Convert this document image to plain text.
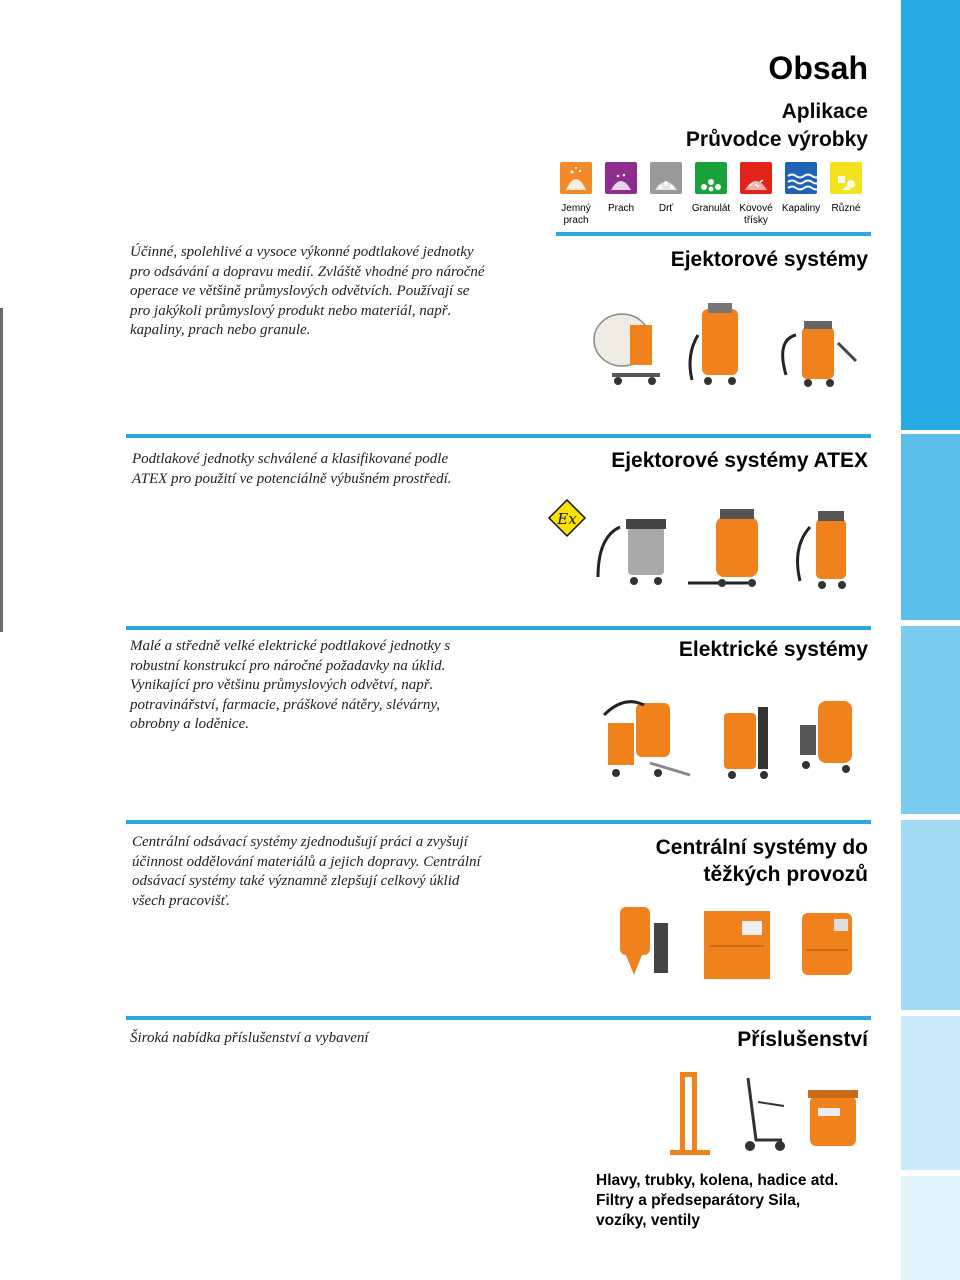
Obsah
Aplikace
Průvodce výrobky
Jemný prach
Prach	Drť	Granulát Kovové třísky
Kapaliny	Různé
Ejektorové systémy

Účinné, spolehlivé a vysoce výkonné podtlakové jednotky pro odsávání a dopravu medií. Zvláště vhodné pro náročné operace ve většině průmyslových odvětvích. Používají se pro jakýkoli průmyslový produkt nebo materiál, např. kapaliny, prach nebo granule.

Ejektorové systémy ATEX

Podtlakové jednotky schválené a klasifikované podle ATEX pro použití ve potenciálně výbušném prostředí.

Ex
Elektrické systémy

Malé a středně velké elektrické podtlakové jednotky s robustní konstrukcí pro náročné požadavky na úklid. Vynikající pro většinu průmyslových odvětví, např. potravinářství, farmacie, práškové nátěry, slévárny, obrobny a loděnice.

Centrální systémy do těžkých provozů

Centrální odsávací systémy zjednodušují práci a zvyšují účinnost oddělování materiálů a jejich dopravy. Centrální odsávací systémy také významně zlepšují celkový úklid všech pracovišť.

Příslušenství

Široká nabídka příslušenství a vybavení

Hlavy, trubky, kolena, hadice atd.
Filtry a předseparátory Sila,
vozíky, ventily
